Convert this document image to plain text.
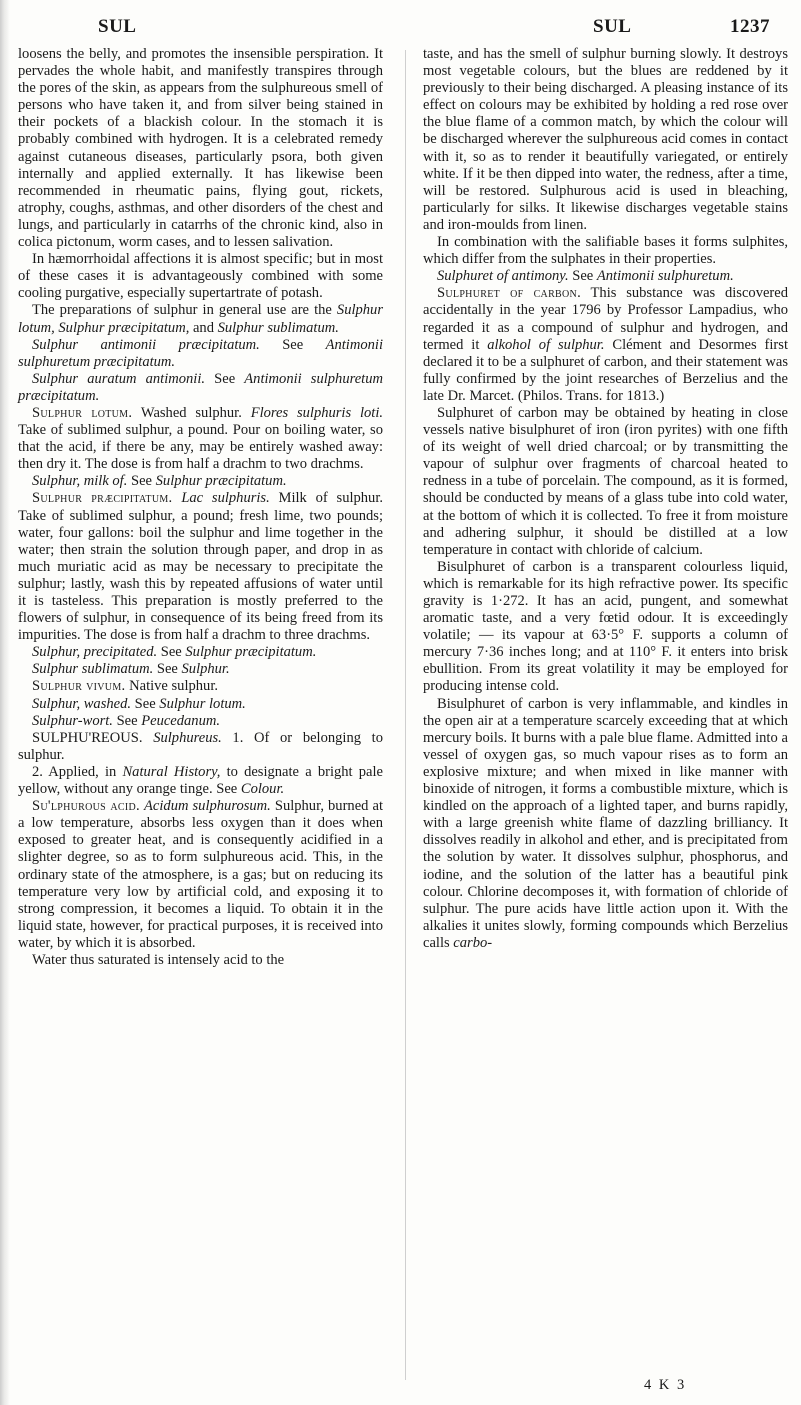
SUL	SUL	1237

loosens the belly, and promotes the insensible perspiration. It pervades the whole habit, and manifestly transpires through the pores of the skin, as appears from the sulphureous smell of persons who have taken it, and from silver being stained in their pockets of a blackish colour. In the stomach it is probably combined with hydrogen. It is a celebrated remedy against cutaneous diseases, particularly psora, both given internally and applied externally. It has likewise been recommended in rheumatic pains, flying gout, rickets, atrophy, coughs, asthmas, and other disorders of the chest and lungs, and particularly in catarrhs of the chronic kind, also in colica pictonum, worm cases, and to lessen salivation.

In hæmorrhoidal affections it is almost specific; but in most of these cases it is advantageously combined with some cooling purgative, especially supertartrate of potash.

The preparations of sulphur in general use are the Sulphur lotum, Sulphur præcipitatum, and Sulphur sublimatum.

Sulphur antimonii præcipitatum. See Antimonii sulphuretum præcipitatum.

Sulphur auratum antimonii. See Antimonii sulphuretum præcipitatum.

Sulphur lotum. Washed sulphur. Flores sulphuris loti. Take of sublimed sulphur, a pound. Pour on boiling water, so that the acid, if there be any, may be entirely washed away: then dry it. The dose is from half a drachm to two drachms.

Sulphur, milk of. See Sulphur præcipitatum.

Sulphur præcipitatum. Lac sulphuris. Milk of sulphur. Take of sublimed sulphur, a pound; fresh lime, two pounds; water, four gallons: boil the sulphur and lime together in the water; then strain the solution through paper, and drop in as much muriatic acid as may be necessary to precipitate the sulphur; lastly, wash this by repeated affusions of water until it is tasteless. This preparation is mostly preferred to the flowers of sulphur, in consequence of its being freed from its impurities. The dose is from half a drachm to three drachms.

Sulphur, precipitated. See Sulphur præcipitatum.

Sulphur sublimatum. See Sulphur.

Sulphur vivum. Native sulphur.

Sulphur, washed. See Sulphur lotum.

Sulphur-wort. See Peucedanum.

SULPHU'REOUS. Sulphureus. 1. Of or belonging to sulphur.

2. Applied, in Natural History, to designate a bright pale yellow, without any orange tinge. See Colour.

Su'lphurous acid. Acidum sulphurosum. Sulphur, burned at a low temperature, absorbs less oxygen than it does when exposed to greater heat, and is consequently acidified in a slighter degree, so as to form sulphureous acid. This, in the ordinary state of the atmosphere, is a gas; but on reducing its temperature very low by artificial cold, and exposing it to strong compression, it becomes a liquid. To obtain it in the liquid state, however, for practical purposes, it is received into water, by which it is absorbed.

Water thus saturated is intensely acid to the

taste, and has the smell of sulphur burning slowly. It destroys most vegetable colours, but the blues are reddened by it previously to their being discharged. A pleasing instance of its effect on colours may be exhibited by holding a red rose over the blue flame of a common match, by which the colour will be discharged wherever the sulphureous acid comes in contact with it, so as to render it beautifully variegated, or entirely white. If it be then dipped into water, the redness, after a time, will be restored. Sulphurous acid is used in bleaching, particularly for silks. It likewise discharges vegetable stains and iron-moulds from linen.

In combination with the salifiable bases it forms sulphites, which differ from the sulphates in their properties.

Sulphuret of antimony. See Antimonii sulphuretum.

Sulphuret of carbon. This substance was discovered accidentally in the year 1796 by Professor Lampadius, who regarded it as a compound of sulphur and hydrogen, and termed it alkohol of sulphur. Clément and Desormes first declared it to be a sulphuret of carbon, and their statement was fully confirmed by the joint researches of Berzelius and the late Dr. Marcet. (Philos. Trans. for 1813.)

Sulphuret of carbon may be obtained by heating in close vessels native bisulphuret of iron (iron pyrites) with one fifth of its weight of well dried charcoal; or by transmitting the vapour of sulphur over fragments of charcoal heated to redness in a tube of porcelain. The compound, as it is formed, should be conducted by means of a glass tube into cold water, at the bottom of which it is collected. To free it from moisture and adhering sulphur, it should be distilled at a low temperature in contact with chloride of calcium.

Bisulphuret of carbon is a transparent colourless liquid, which is remarkable for its high refractive power. Its specific gravity is 1·272. It has an acid, pungent, and somewhat aromatic taste, and a very fœtid odour. It is exceedingly volatile; — its vapour at 63·5° F. supports a column of mercury 7·36 inches long; and at 110° F. it enters into brisk ebullition. From its great volatility it may be employed for producing intense cold.

Bisulphuret of carbon is very inflammable, and kindles in the open air at a temperature scarcely exceeding that at which mercury boils. It burns with a pale blue flame. Admitted into a vessel of oxygen gas, so much vapour rises as to form an explosive mixture; and when mixed in like manner with binoxide of nitrogen, it forms a combustible mixture, which is kindled on the approach of a lighted taper, and burns rapidly, with a large greenish white flame of dazzling brilliancy. It dissolves readily in alkohol and ether, and is precipitated from the solution by water. It dissolves sulphur, phosphorus, and iodine, and the solution of the latter has a beautiful pink colour. Chlorine decomposes it, with formation of chloride of sulphur. The pure acids have little action upon it. With the alkalies it unites slowly, forming compounds which Berzelius calls carbo-

4 K 3
